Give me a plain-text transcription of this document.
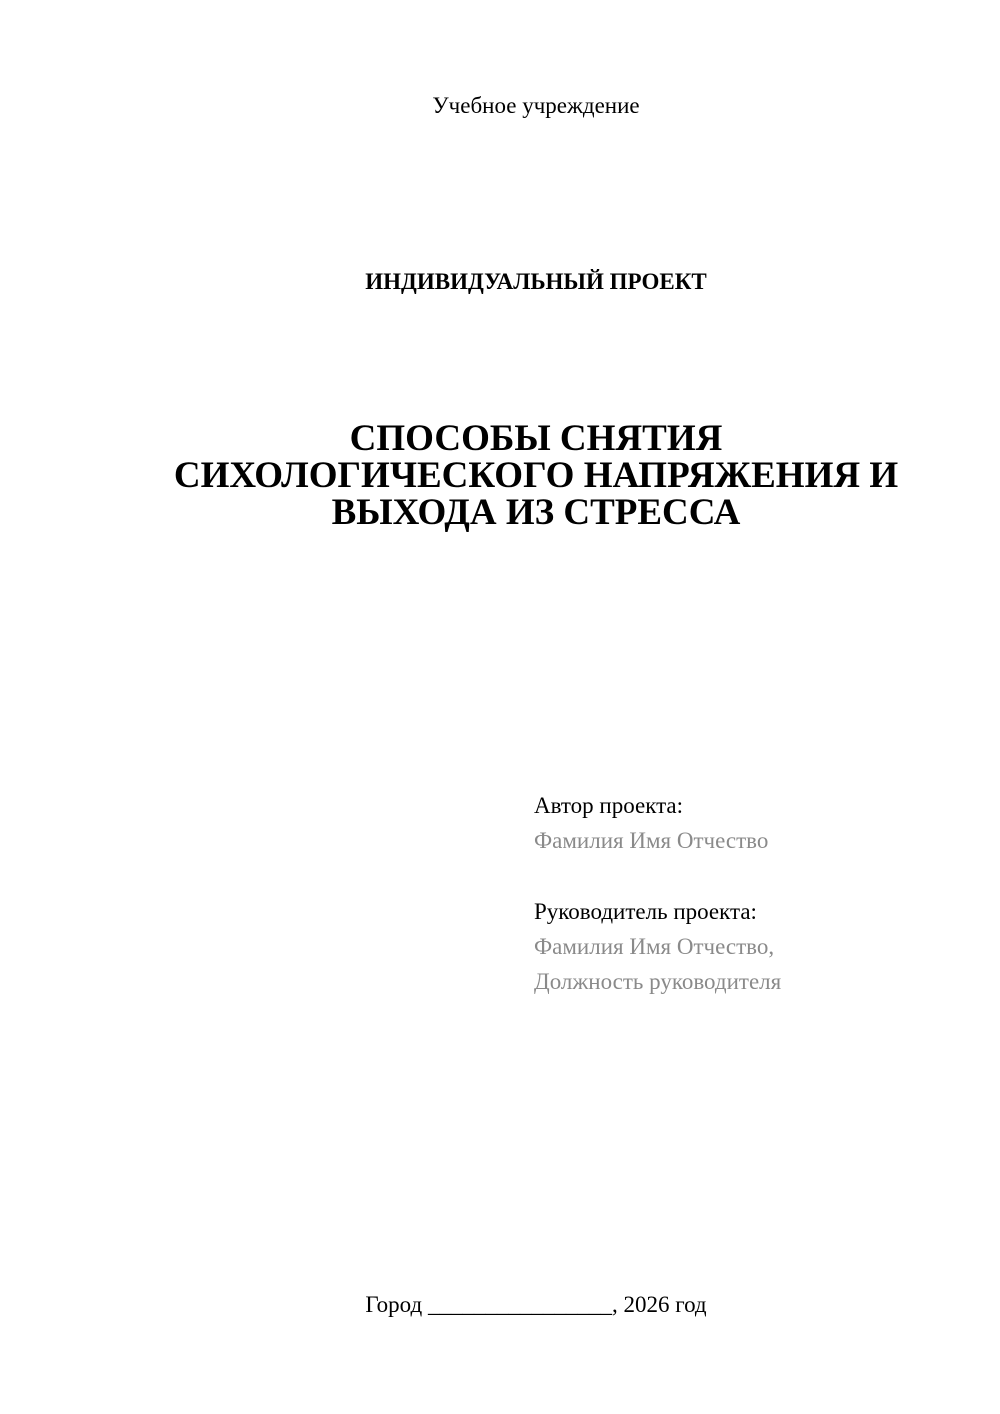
Учебное учреждение
ИНДИВИДУАЛЬНЫЙ ПРОЕКТ
СПОСОБЫ СНЯТИЯ
СИХОЛОГИЧЕСКОГО НАПРЯЖЕНИЯ И
ВЫХОДА ИЗ СТРЕССА
Автор проекта:
Фамилия Имя Отчество
Руководитель проекта:
Фамилия Имя Отчество,
Должность руководителя
Город ________________, 2026 год
